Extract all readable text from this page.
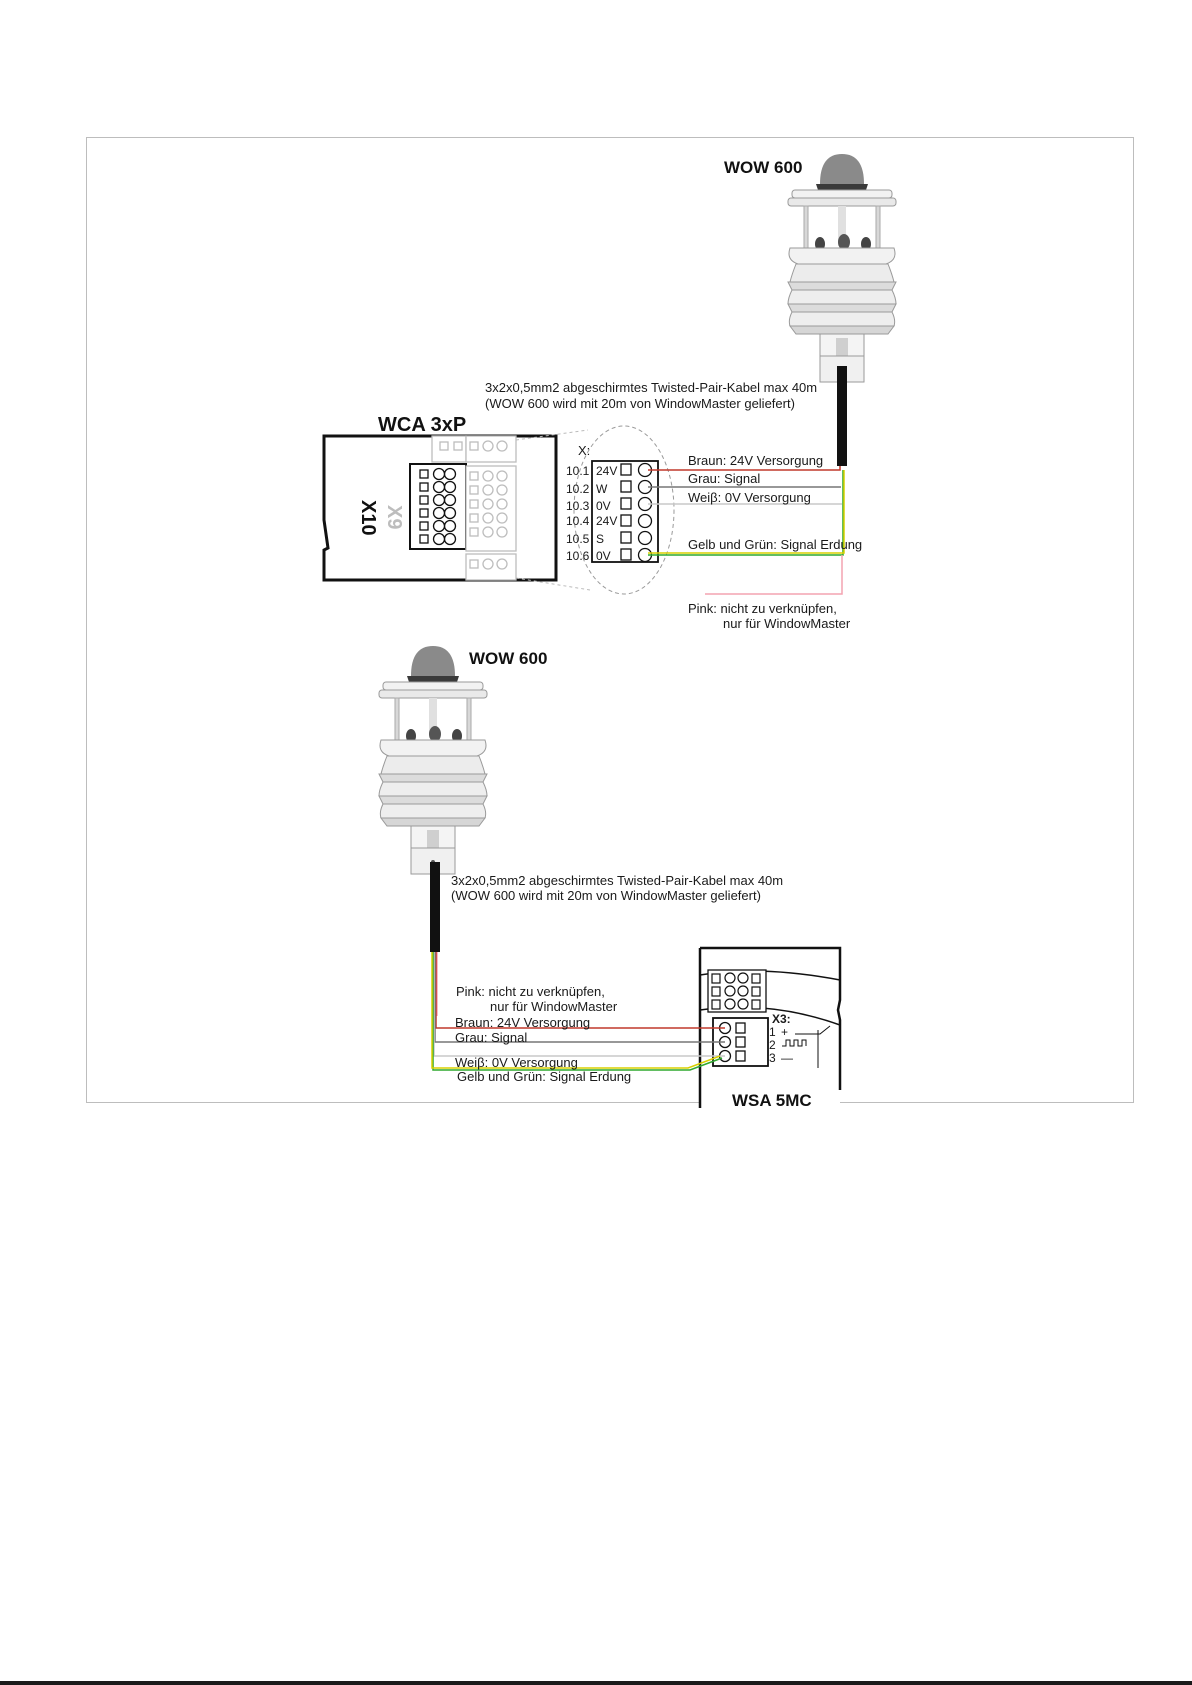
WOW 600
3x2x0,5mm2 abgeschirmtes Twisted-Pair-Kabel max 40m
(WOW 600 wird mit 20m von WindowMaster geliefert)
WCA 3xP
X9
X10
X:
10.1 24V
10.2 W
10.3 0V
10.4 24V
10.5 S
10.6 0V
Braun: 24V Versorgung
Grau: Signal
Weiβ: 0V Versorgung
Gelb und Grün: Signal Erdung
Pink: nicht zu verknüpfen,
nur für WindowMaster
WOW 600
3x2x0,5mm2 abgeschirmtes Twisted-Pair-Kabel max 40m
(WOW 600 wird mit 20m von WindowMaster geliefert)
X3:
1 +
2
3 —
Pink: nicht zu verknüpfen,
nur für WindowMaster
Braun: 24V Versorgung
Grau: Signal
Weiβ: 0V Versorgung
Gelb und Grün: Signal Erdung
WSA 5MC
